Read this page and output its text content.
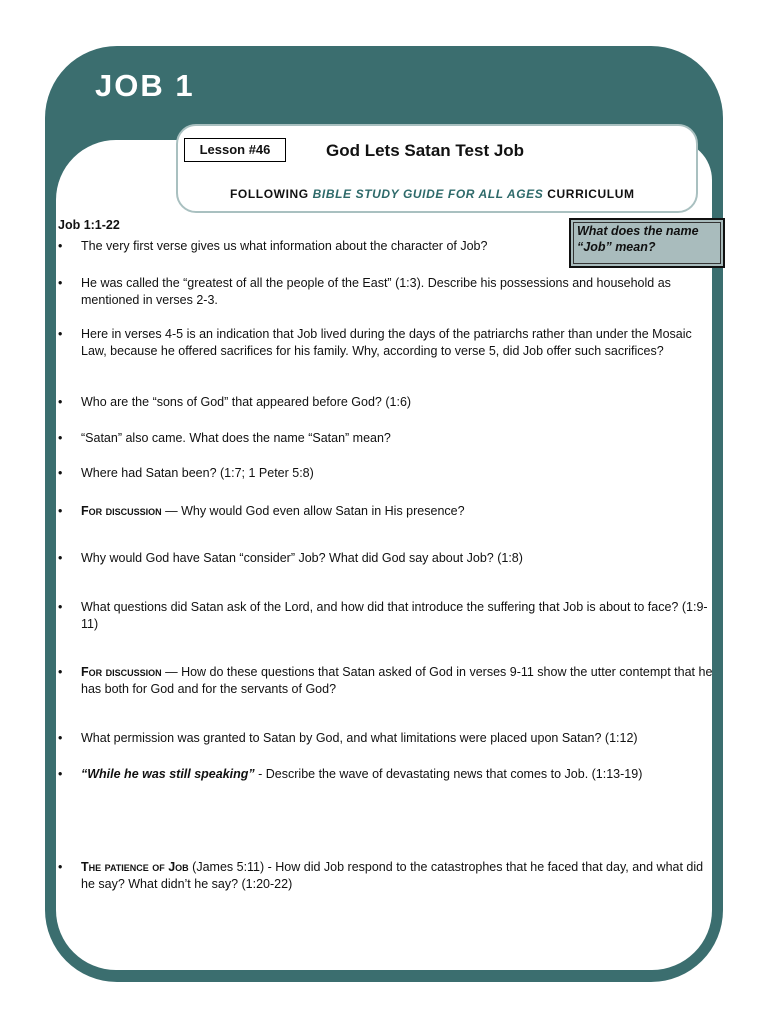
JOB 1
Lesson #46	God Lets Satan Test Job
FOLLOWING BIBLE STUDY GUIDE FOR ALL AGES CURRICULUM
What does the name “Job” mean?
Job 1:1-22
•	The very first verse gives us what information about the character of Job?
•	He was called the “greatest of all the people of the East” (1:3). Describe his possessions and household as mentioned in verses 2-3.
•	Here in verses 4-5 is an indication that Job lived during the days of the patriarchs rather than under the Mosaic Law, because he offered sacrifices for his family. Why, according to verse 5, did Job offer such sacrifices?
•	Who are the “sons of God” that appeared before God? (1:6)
•	“Satan” also came. What does the name “Satan” mean?
•	Where had Satan been? (1:7; 1 Peter 5:8)
•	For discussion — Why would God even allow Satan in His presence?
•	Why would God have Satan “consider” Job? What did God say about Job? (1:8)
•	What questions did Satan ask of the Lord, and how did that introduce the suffering that Job is about to face? (1:9-11)
•	For discussion — How do these questions that Satan asked of God in verses 9-11 show the utter contempt that he has both for God and for the servants of God?
•	What permission was granted to Satan by God, and what limitations were placed upon Satan? (1:12)
•	“While he was still speaking” - Describe the wave of devastating news that comes to Job. (1:13-19)
•	The patience of Job (James 5:11) - How did Job respond to the catastrophes that he faced that day, and what did he say? What didn’t he say? (1:20-22)
